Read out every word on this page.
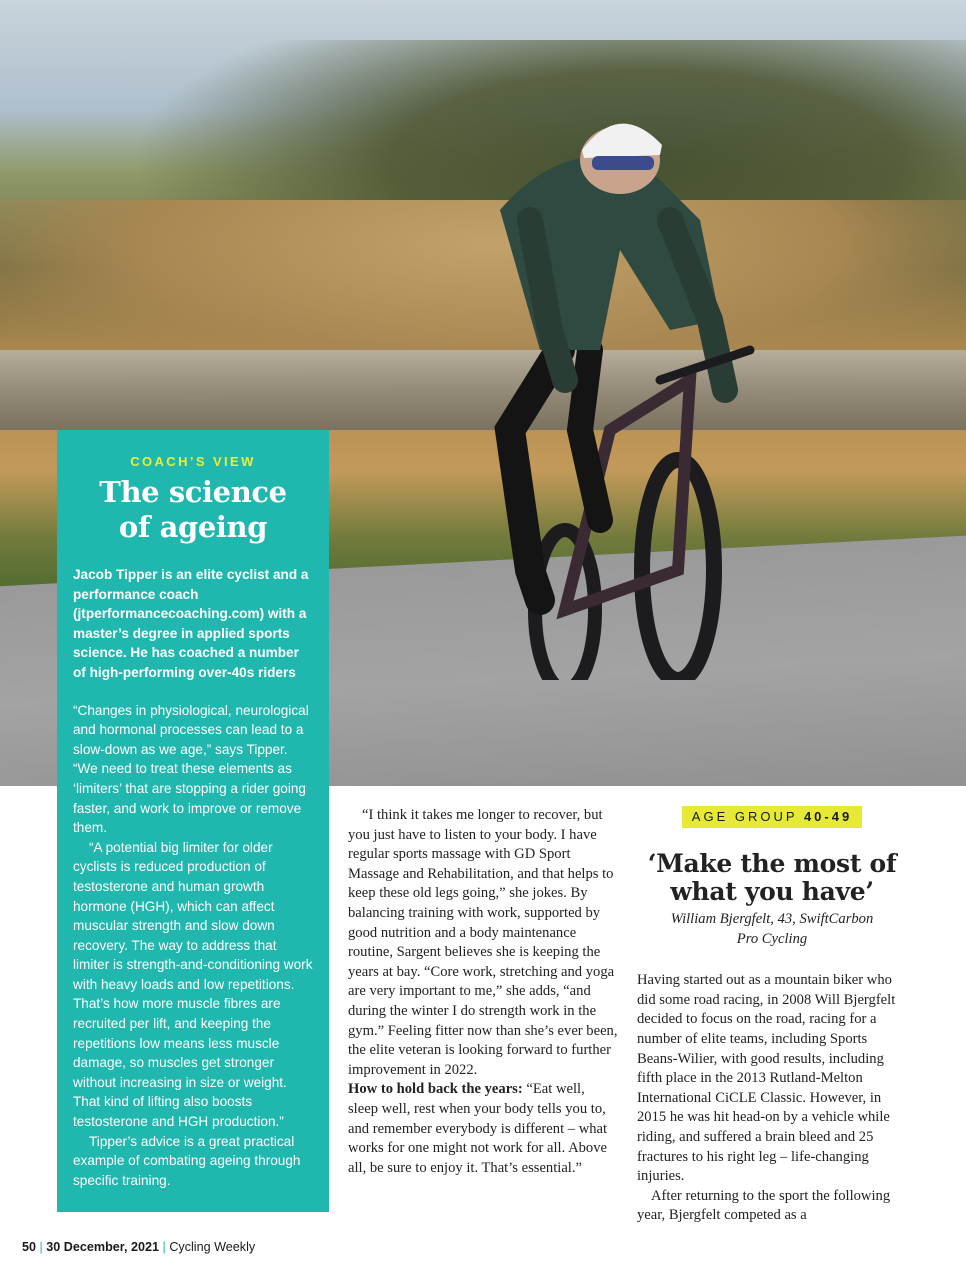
COACH’S VIEW
The science
of ageing

Jacob Tipper is an elite cyclist and a performance coach (jtperformancecoaching.com) with a master’s degree in applied sports science. He has coached a number of high-performing over-40s riders

“Changes in physiological, neurological and hormonal processes can lead to a slow-down as we age,” says Tipper. “We need to treat these elements as ‘limiters’ that are stopping a rider going faster, and work to improve or remove them.

“A potential big limiter for older cyclists is reduced production of testosterone and human growth hormone (HGH), which can affect muscular strength and slow down recovery. The way to address that limiter is strength-and-conditioning work with heavy loads and low repetitions. That’s how more muscle fibres are recruited per lift, and keeping the repetitions low means less muscle damage, so muscles get stronger without increasing in size or weight. That kind of lifting also boosts testosterone and HGH production.”

Tipper’s advice is a great practical example of combating ageing through specific training.

“I think it takes me longer to recover, but you just have to listen to your body. I have regular sports massage with GD Sport Massage and Rehabilitation, and that helps to keep these old legs going,” she jokes. By balancing training with work, supported by good nutrition and a body maintenance routine, Sargent believes she is keeping the years at bay. “Core work, stretching and yoga are very important to me,” she adds, “and during the winter I do strength work in the gym.” Feeling fitter now than she’s ever been, the elite veteran is looking forward to further improvement in 2022.

How to hold back the years: “Eat well, sleep well, rest when your body tells you to, and remember everybody is different – what works for one might not work for all. Above all, be sure to enjoy it. That’s essential.”

AGE GROUP 40-49
‘Make the most of what you have’
William Bjergfelt, 43, SwiftCarbon
Pro Cycling

Having started out as a mountain biker who did some road racing, in 2008 Will Bjergfelt decided to focus on the road, racing for a number of elite teams, including Sports Beans-Wilier, with good results, including fifth place in the 2013 Rutland-Melton International CiCLE Classic. However, in 2015 he was hit head-on by a vehicle while riding, and suffered a brain bleed and 25 fractures to his right leg – life-changing injuries.

After returning to the sport the following year, Bjergfelt competed as a

50 | 30 December, 2021 | Cycling Weekly
